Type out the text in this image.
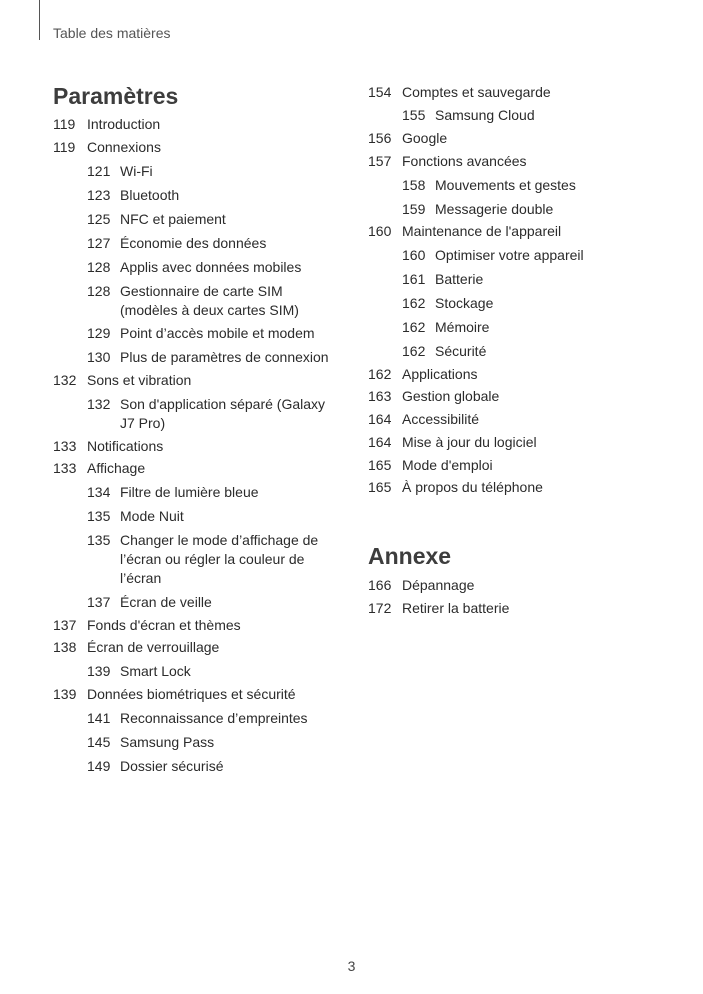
Table des matières
Paramètres
119 Introduction
119 Connexions
121 Wi-Fi
123 Bluetooth
125 NFC et paiement
127 Économie des données
128 Applis avec données mobiles
128 Gestionnaire de carte SIM (modèles à deux cartes SIM)
129 Point d’accès mobile et modem
130 Plus de paramètres de connexion
132 Sons et vibration
132 Son d'application séparé (Galaxy J7 Pro)
133 Notifications
133 Affichage
134 Filtre de lumière bleue
135 Mode Nuit
135 Changer le mode d’affichage de l’écran ou régler la couleur de l’écran
137 Écran de veille
137 Fonds d'écran et thèmes
138 Écran de verrouillage
139 Smart Lock
139 Données biométriques et sécurité
141 Reconnaissance d’empreintes
145 Samsung Pass
149 Dossier sécurisé
154 Comptes et sauvegarde
155 Samsung Cloud
156 Google
157 Fonctions avancées
158 Mouvements et gestes
159 Messagerie double
160 Maintenance de l'appareil
160 Optimiser votre appareil
161 Batterie
162 Stockage
162 Mémoire
162 Sécurité
162 Applications
163 Gestion globale
164 Accessibilité
164 Mise à jour du logiciel
165 Mode d'emploi
165 À propos du téléphone
Annexe
166 Dépannage
172 Retirer la batterie
3
